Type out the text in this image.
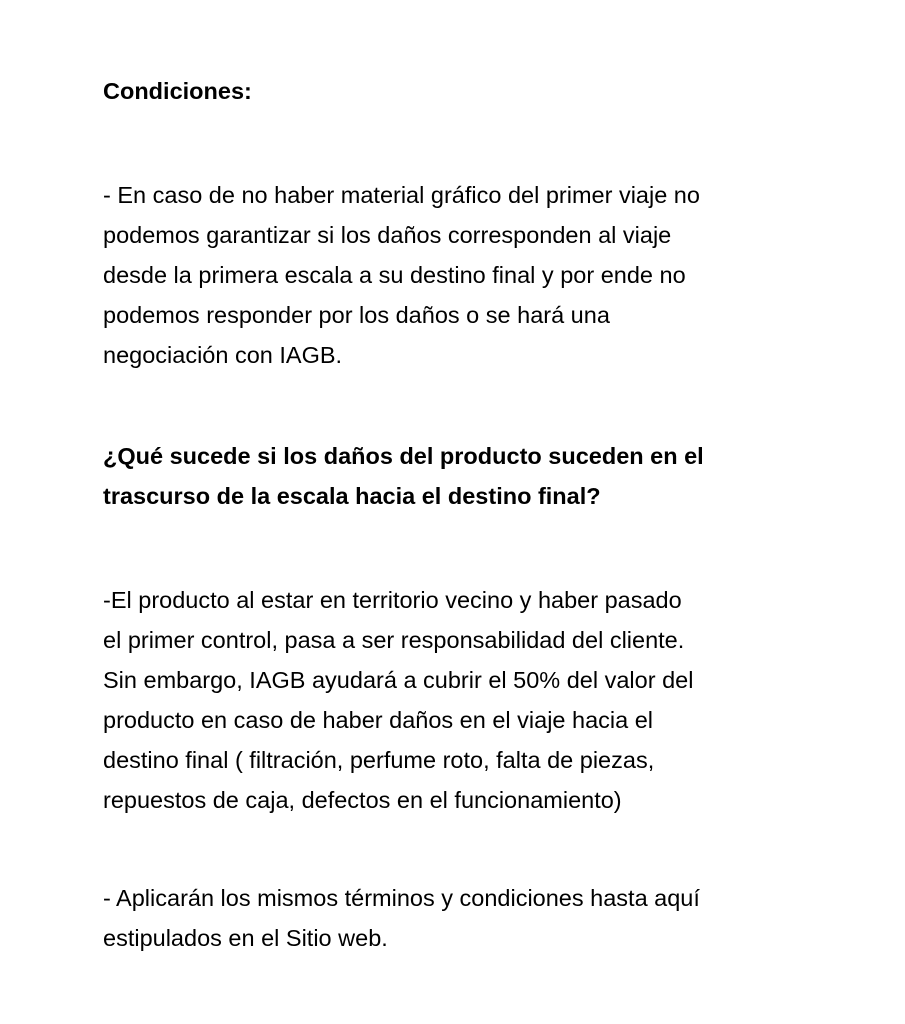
Condiciones:
- En caso de no haber material gráfico del primer viaje no
podemos garantizar si los daños corresponden al viaje
desde la primera escala a su destino final y por ende no
podemos responder por los daños o se hará una
negociación con IAGB.
¿Qué sucede si los daños del producto suceden en el
trascurso de la escala hacia el destino final?
-El producto al estar en territorio vecino y haber pasado
el primer control, pasa a ser responsabilidad del cliente.
Sin embargo, IAGB ayudará a cubrir el 50% del valor del
producto en caso de haber daños en el viaje hacia el
destino final ( filtración, perfume roto, falta de piezas,
repuestos de caja, defectos en el funcionamiento)
- Aplicarán los mismos términos y condiciones hasta aquí
estipulados en el Sitio web.
